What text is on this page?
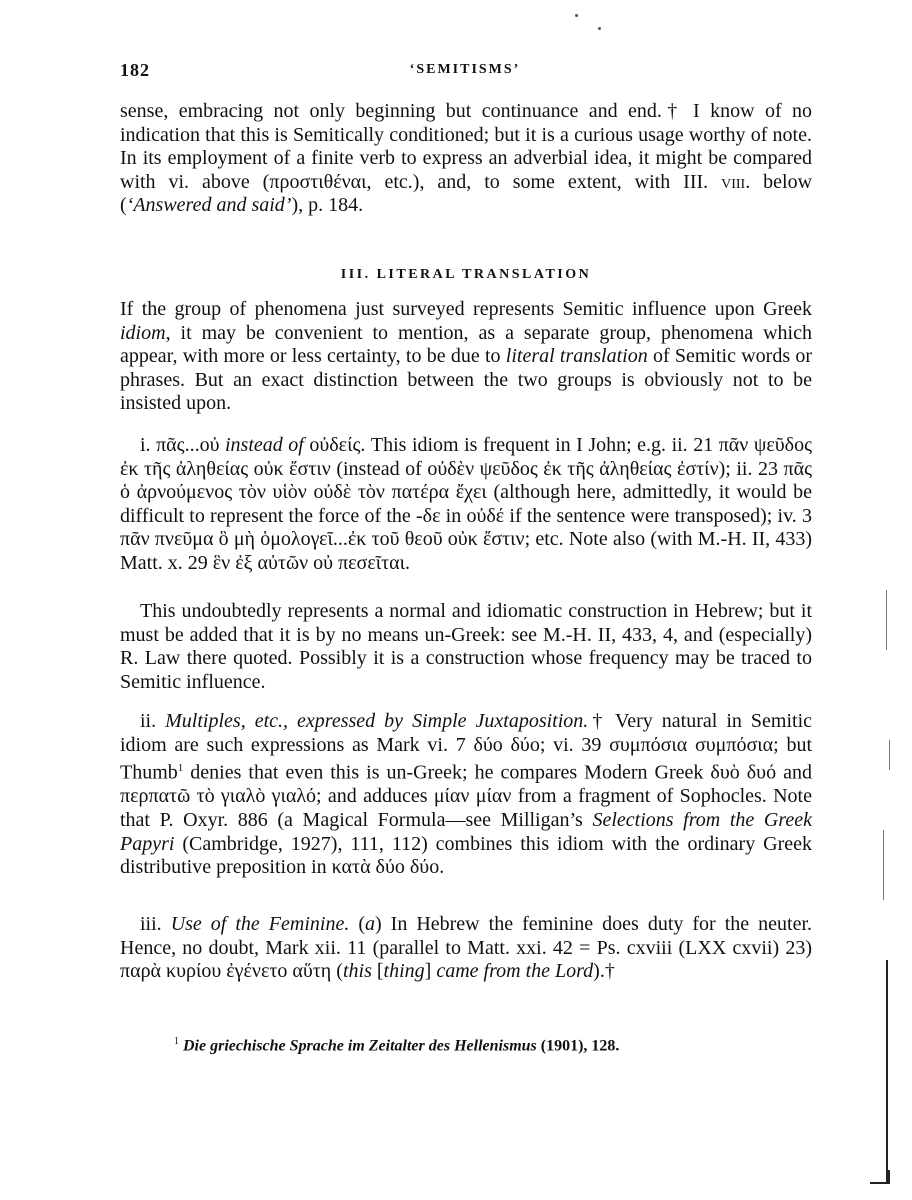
182	‘SEMITISMS’

sense, embracing not only beginning but continuance and end.† I know of no indication that this is Semitically conditioned; but it is a curious usage worthy of note. In its employment of a finite verb to express an adverbial idea, it might be compared with vi. above (προστιθέναι, etc.), and, to some extent, with III. viii. below (‘Answered and said’), p. 184.

III. LITERAL TRANSLATION

If the group of phenomena just surveyed represents Semitic influence upon Greek idiom, it may be convenient to mention, as a separate group, phenomena which appear, with more or less certainty, to be due to literal translation of Semitic words or phrases. But an exact distinction between the two groups is obviously not to be insisted upon.

i. πᾶς...οὐ instead of οὐδείς. This idiom is frequent in I John; e.g. ii. 21 πᾶν ψεῦδος ἐκ τῆς ἀληθείας οὐκ ἔστιν (instead of οὐδὲν ψεῦδος ἐκ τῆς ἀληθείας ἐστίν); ii. 23 πᾶς ὁ ἀρνούμενος τὸν υἱὸν οὐδὲ τὸν πατέρα ἔχει (although here, admittedly, it would be difficult to represent the force of the -δε in οὐδέ if the sentence were transposed); iv. 3 πᾶν πνεῦμα ὃ μὴ ὁμολογεῖ...ἐκ τοῦ θεοῦ οὐκ ἔστιν; etc. Note also (with M.-H. II, 433) Matt. x. 29 ἓν ἐξ αὐτῶν οὐ πεσεῖται.

This undoubtedly represents a normal and idiomatic construction in Hebrew; but it must be added that it is by no means un-Greek: see M.-H. II, 433, 4, and (especially) R. Law there quoted. Possibly it is a construction whose frequency may be traced to Semitic influence.

ii. Multiples, etc., expressed by Simple Juxtaposition.† Very natural in Semitic idiom are such expressions as Mark vi. 7 δύο δύο; vi. 39 συμπόσια συμπόσια; but Thumb$^1$ denies that even this is un-Greek; he compares Modern Greek δυὸ δυό and περπατῶ τὸ γιαλὸ γιαλό; and adduces μίαν μίαν from a fragment of Sophocles. Note that P. Oxyr. 886 (a Magical Formula—see Milligan’s Selections from the Greek Papyri (Cambridge, 1927), 111, 112) combines this idiom with the ordinary Greek distributive preposition in κατὰ δύο δύο.

iii. Use of the Feminine. (a) In Hebrew the feminine does duty for the neuter. Hence, no doubt, Mark xii. 11 (parallel to Matt. xxi. 42 = Ps. cxviii (LXX cxvii) 23) παρὰ κυρίου ἐγένετο αὕτη (this [thing] came from the Lord).†

$^1$ Die griechische Sprache im Zeitalter des Hellenismus (1901), 128.
